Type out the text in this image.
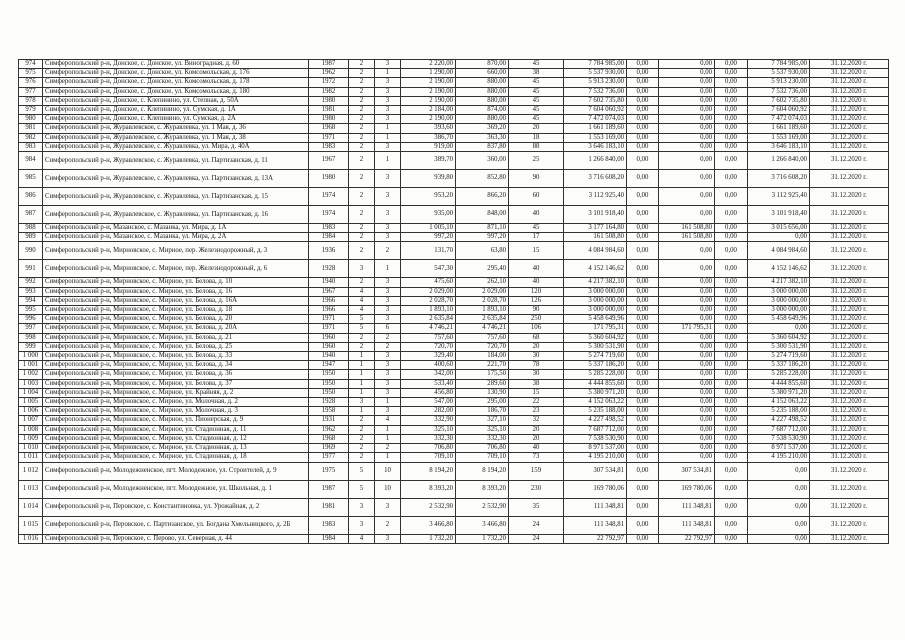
974	Симферопольский р-н, Донское, с. Донское, ул. Виноградная, д. 60	1987	2	3	2 220,00	870,00	45	7 784 985,00	0,00	0,00	0,00	7 784 985,00	31.12.2020 г.
975	Симферопольский р-н, Донское, с. Донское, ул. Комсомольская, д. 176	1962	2	1	1 290,00	660,00	38	5 537 930,00	0,00	0,00	0,00	5 537 930,00	31.12.2020 г.
976	Симферопольский р-н, Донское, с. Донское, ул. Комсомольская, д. 178	1972	2	3	2 190,00	880,00	45	5 913 230,00	0,00	0,00	0,00	5 913 230,00	31.12.2020 г.
977	Симферопольский р-н, Донское, с. Донское, ул. Комсомольская, д. 180	1982	2	3	2 190,00	880,00	45	7 532 736,00	0,00	0,00	0,00	7 532 736,00	31.12.2020 г.
978	Симферопольский р-н, Донское, с. Клепинино, ул. Степная, д. 50А	1980	2	3	2 190,00	880,00	45	7 602 735,80	0,00	0,00	0,00	7 602 735,80	31.12.2020 г.
979	Симферопольский р-н, Донское, с. Клепинино, ул. Сумская, д. 1А	1981	2	3	2 184,00	874,00	45	7 604 060,92	0,00	0,00	0,00	7 604 060,92	31.12.2020 г.
980	Симферопольский р-н, Донское, с. Клепинино, ул. Сумская, д. 2А	1980	2	3	2 190,00	880,00	45	7 472 074,03	0,00	0,00	0,00	7 472 074,03	31.12.2020 г.
981	Симферопольский р-н, Журавлевское, с. Журавлевка, ул. 1 Мая, д. 36	1968	2	1	393,60	369,20	20	1 661 189,60	0,00	0,00	0,00	1 661 189,60	31.12.2020 г.
982	Симферопольский р-н, Журавлевское, с. Журавлевка, ул. 1 Мая, д. 38	1971	2	1	386,70	363,30	18	1 553 169,00	0,00	0,00	0,00	1 553 169,00	31.12.2020 г.
983	Симферопольский р-н, Журавлевское, с. Журавлевка, ул. Мира, д. 40А	1983	2	3	919,00	837,80	88	3 646 183,10	0,00	0,00	0,00	3 646 183,10	31.12.2020 г.
984	Симферопольский р-н, Журавлевское, с. Журавлевка, ул. Партизанская, д. 11	1967	2	1	389,70	360,00	25	1 266 840,00	0,00	0,00	0,00	1 266 840,00	31.12.2020 г.
985	Симферопольский р-н, Журавлевское, с. Журавлевка, ул. Партизанская, д. 13А	1980	2	3	939,80	852,80	90	3 716 608,20	0,00	0,00	0,00	3 716 608,20	31.12.2020 г.
986	Симферопольский р-н, Журавлевское, с. Журавлевка, ул. Партизанская, д. 15	1974	2	3	953,20	866,20	60	3 112 925,40	0,00	0,00	0,00	3 112 925,40	31.12.2020 г.
987	Симферопольский р-н, Журавлевское, с. Журавлевка, ул. Партизанская, д. 16	1974	2	3	935,00	848,00	40	3 101 918,40	0,00	0,00	0,00	3 101 918,40	31.12.2020 г.
988	Симферопольский р-н, Мазанское, с. Мазанка, ул. Мира, д. 1А	1983	2	3	1 005,10	871,10	45	3 177 164,80	0,00	161 508,80	0,00	3 015 656,00	31.12.2020 г.
989	Симферопольский р-н, Мазанское, с. Мазанка, ул. Мира, д. 2А	1984	2	3	997,20	997,20	17	161 508,80	0,00	161 508,80	0,00	0,00	31.12.2020 г.
990	Симферопольский р-н, Мирновское, с. Мирное, пер. Железнодорожный, д. 3	1936	2	2	131,70	63,80	15	4 084 984,60	0,00	0,00	0,00	4 084 984,60	31.12.2020 г.
991	Симферопольский р-н, Мирновское, с. Мирное, пер. Железнодорожный, д. 6	1928	3	1	547,30	295,40	40	4 152 146,62	0,00	0,00	0,00	4 152 146,62	31.12.2020 г.
992	Симферопольский р-н, Мирновское, с. Мирное, ул. Белова, д. 10	1940	2	3	475,60	262,10	40	4 217 382,10	0,00	0,00	0,00	4 217 382,10	31.12.2020 г.
993	Симферопольский р-н, Мирновское, с. Мирное, ул. Белова, д. 16	1967	4	3	2 029,00	2 029,00	120	3 000 000,00	0,00	0,00	0,00	3 000 000,00	31.12.2020 г.
994	Симферопольский р-н, Мирновское, с. Мирное, ул. Белова, д. 16А	1966	4	3	2 028,70	2 028,70	126	3 000 000,00	0,00	0,00	0,00	3 000 000,00	31.12.2020 г.
995	Симферопольский р-н, Мирновское, с. Мирное, ул. Белова, д. 18	1966	4	3	1 893,10	1 893,10	90	3 000 000,00	0,00	0,00	0,00	3 000 000,00	31.12.2020 г.
996	Симферопольский р-н, Мирновское, с. Мирное, ул. Белова, д. 20	1971	5	3	2 635,84	2 635,84	250	5 458 649,96	0,00	0,00	0,00	5 458 649,96	31.12.2020 г.
997	Симферопольский р-н, Мирновское, с. Мирное, ул. Белова, д. 20А	1971	5	6	4 746,21	4 746,21	106	171 795,31	0,00	171 795,31	0,00	0,00	31.12.2020 г.
998	Симферопольский р-н, Мирновское, с. Мирное, ул. Белова, д. 21	1960	2	2	757,60	757,60	68	5 360 604,92	0,00	0,00	0,00	5 360 604,92	31.12.2020 г.
999	Симферопольский р-н, Мирновское, с. Мирное, ул. Белова, д. 25	1960	2	2	720,70	720,70	20	5 300 531,90	0,00	0,00	0,00	5 300 531,90	31.12.2020 г.
1 000	Симферопольский р-н, Мирновское, с. Мирное, ул. Белова, д. 33	1940	1	3	329,40	184,00	30	5 274 719,60	0,00	0,00	0,00	5 274 719,60	31.12.2020 г.
1 001	Симферопольский р-н, Мирновское, с. Мирное, ул. Белова, д. 34	1947	1	3	400,60	221,70	78	5 337 186,20	0,00	0,00	0,00	5 337 186,20	31.12.2020 г.
1 002	Симферопольский р-н, Мирновское, с. Мирное, ул. Белова, д. 36	1950	1	3	342,00	175,50	30	5 285 228,00	0,00	0,00	0,00	5 285 228,00	31.12.2020 г.
1 003	Симферопольский р-н, Мирновское, с. Мирное, ул. Белова, д. 37	1950	1	3	533,40	289,60	38	4 444 855,60	0,00	0,00	0,00	4 444 855,60	31.12.2020 г.
1 004	Симферопольский р-н, Мирновское, с. Мирное, ул. Крайняя, д. 2	1950	1	3	456,80	130,90	15	5 380 971,20	0,00	0,00	0,00	5 380 971,20	31.12.2020 г.
1 005	Симферопольский р-н, Мирновское, с. Мирное, ул. Молочная, д. 2	1928	3	1	547,00	295,00	22	4 152 063,22	0,00	0,00	0,00	4 152 063,22	31.12.2020 г.
1 006	Симферопольский р-н, Мирновское, с. Мирное, ул. Молочная, д. 3	1958	1	3	282,00	186,70	23	5 235 188,00	0,00	0,00	0,00	5 235 188,00	31.12.2020 г.
1 007	Симферопольский р-н, Мирновское, с. Мирное, ул. Пионерская, д. 9	1931	2	4	332,90	327,10	32	4 227 498,52	0,00	0,00	0,00	4 227 498,52	31.12.2020 г.
1 008	Симферопольский р-н, Мирновское, с. Мирное, ул. Стадионная, д. 11	1962	2	1	325,10	325,10	20	7 687 712,00	0,00	0,00	0,00	7 687 712,00	31.12.2020 г.
1 009	Симферопольский р-н, Мирновское, с. Мирное, ул. Стадионная, д. 12	1968	2	1	332,30	332,30	20	7 538 530,90	0,00	0,00	0,00	7 538 530,90	31.12.2020 г.
1 010	Симферопольский р-н, Мирновское, с. Мирное, ул. Стадионная, д. 13	1969	2	2	706,80	706,80	40	8 971 537,00	0,00	0,00	0,00	8 971 537,00	31.12.2020 г.
1 011	Симферопольский р-н, Мирновское, с. Мирное, ул. Стадионная, д. 18	1977	2	1	709,10	709,10	73	4 195 210,00	0,00	0,00	0,00	4 195 210,00	31.12.2020 г.
1 012	Симферопольский р-н, Молодежненское, пгт. Молодежное, ул. Строителей, д. 9	1975	5	10	8 194,20	8 194,20	159	307 534,81	0,00	307 534,81	0,00	0,00	31.12.2020 г.
1 013	Симферопольский р-н, Молодежненское, пгт. Молодежное, ул. Школьная, д. 1	1987	5	10	8 393,20	8 393,20	230	169 780,06	0,00	169 780,06	0,00	0,00	31.12.2020 г.
1 014	Симферопольский р-н, Перовское, с. Константиновка, ул. Урожайная, д. 2	1981	3	3	2 532,90	2 532,90	35	111 348,81	0,00	111 348,81	0,00	0,00	31.12.2020 г.
1 015	Симферопольский р-н, Перовское, с. Партизанское, ул. Богдана Хмельницкого, д. 2Б	1983	3	2	3 466,80	3 466,80	24	111 348,81	0,00	111 348,81	0,00	0,00	31.12.2020 г.
1 016	Симферопольский р-н, Перовское, с. Перово, ул. Северная, д. 44	1984	4	3	1 732,20	1 732,20	24	22 792,97	0,00	22 792,97	0,00	0,00	31.12.2020 г.
